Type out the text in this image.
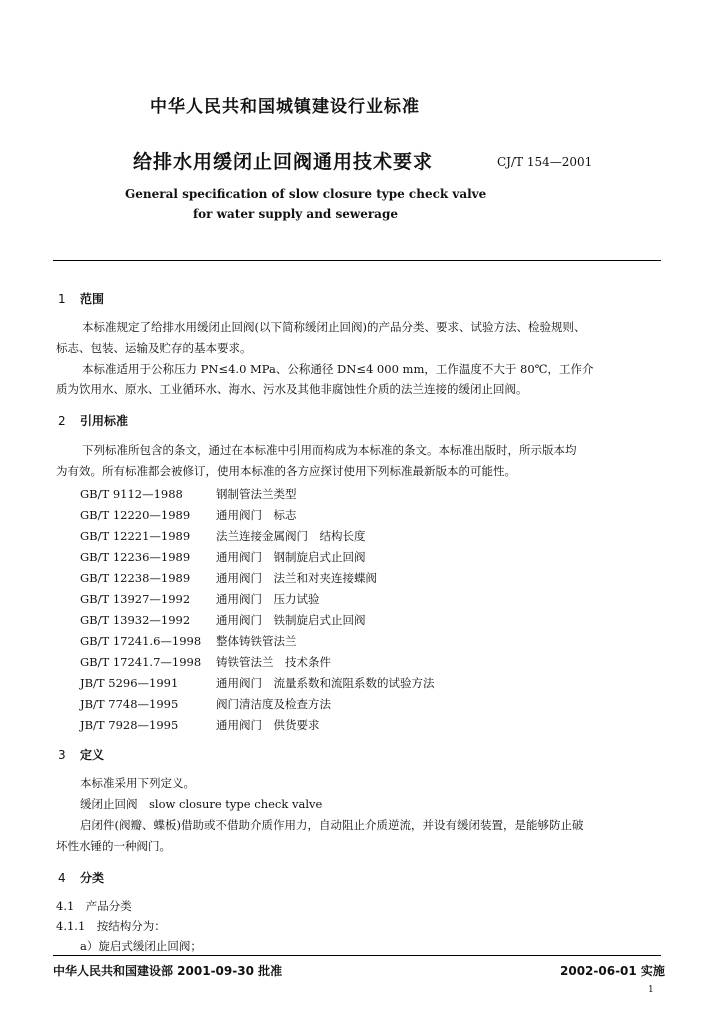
中华人民共和国城镇建设行业标准
给排水用缓闭止回阀通用技术要求	CJ/T 154—2001
General specification of slow closure type check valve
for water supply and sewerage
1 范围
本标准规定了给排水用缓闭止回阀(以下简称缓闭止回阀)的产品分类、要求、试验方法、检验规则、
标志、包装、运输及贮存的基本要求。
本标准适用于公称压力 PN≤4.0 MPa、公称通径 DN≤4 000 mm，工作温度不大于 80℃，工作介
质为饮用水、原水、工业循环水、海水、污水及其他非腐蚀性介质的法兰连接的缓闭止回阀。
2 引用标准
下列标准所包含的条文，通过在本标准中引用而构成为本标准的条文。本标准出版时，所示版本均
为有效。所有标准都会被修订，使用本标准的各方应探讨使用下列标准最新版本的可能性。
GB/T 9112—1988	钢制管法兰类型
GB/T 12220—1989 通用阀门　标志
GB/T 12221—1989 法兰连接金属阀门　结构长度
GB/T 12236—1989 通用阀门　钢制旋启式止回阀
GB/T 12238—1989 通用阀门　法兰和对夹连接蝶阀
GB/T 13927—1992 通用阀门　压力试验
GB/T 13932—1992 通用阀门　铁制旋启式止回阀
GB/T 17241.6—1998 整体铸铁管法兰
GB/T 17241.7—1998 铸铁管法兰　技术条件
JB/T 5296—1991	通用阀门　流量系数和流阻系数的试验方法
JB/T 7748—1995	阀门清洁度及检查方法
JB/T 7928—1995	通用阀门　供货要求
3 定义
本标准采用下列定义。
缓闭止回阀　slow closure type check valve
启闭件(阀瓣、蝶板)借助或不借助介质作用力，自动阻止介质逆流，并设有缓闭装置，是能够防止破
坏性水锤的一种阀门。
4 分类
4.1　产品分类
4.1.1　按结构分为：
a）旋启式缓闭止回阀；
中华人民共和国建设部 2001-09-30 批准	2002-06-01 实施
1
